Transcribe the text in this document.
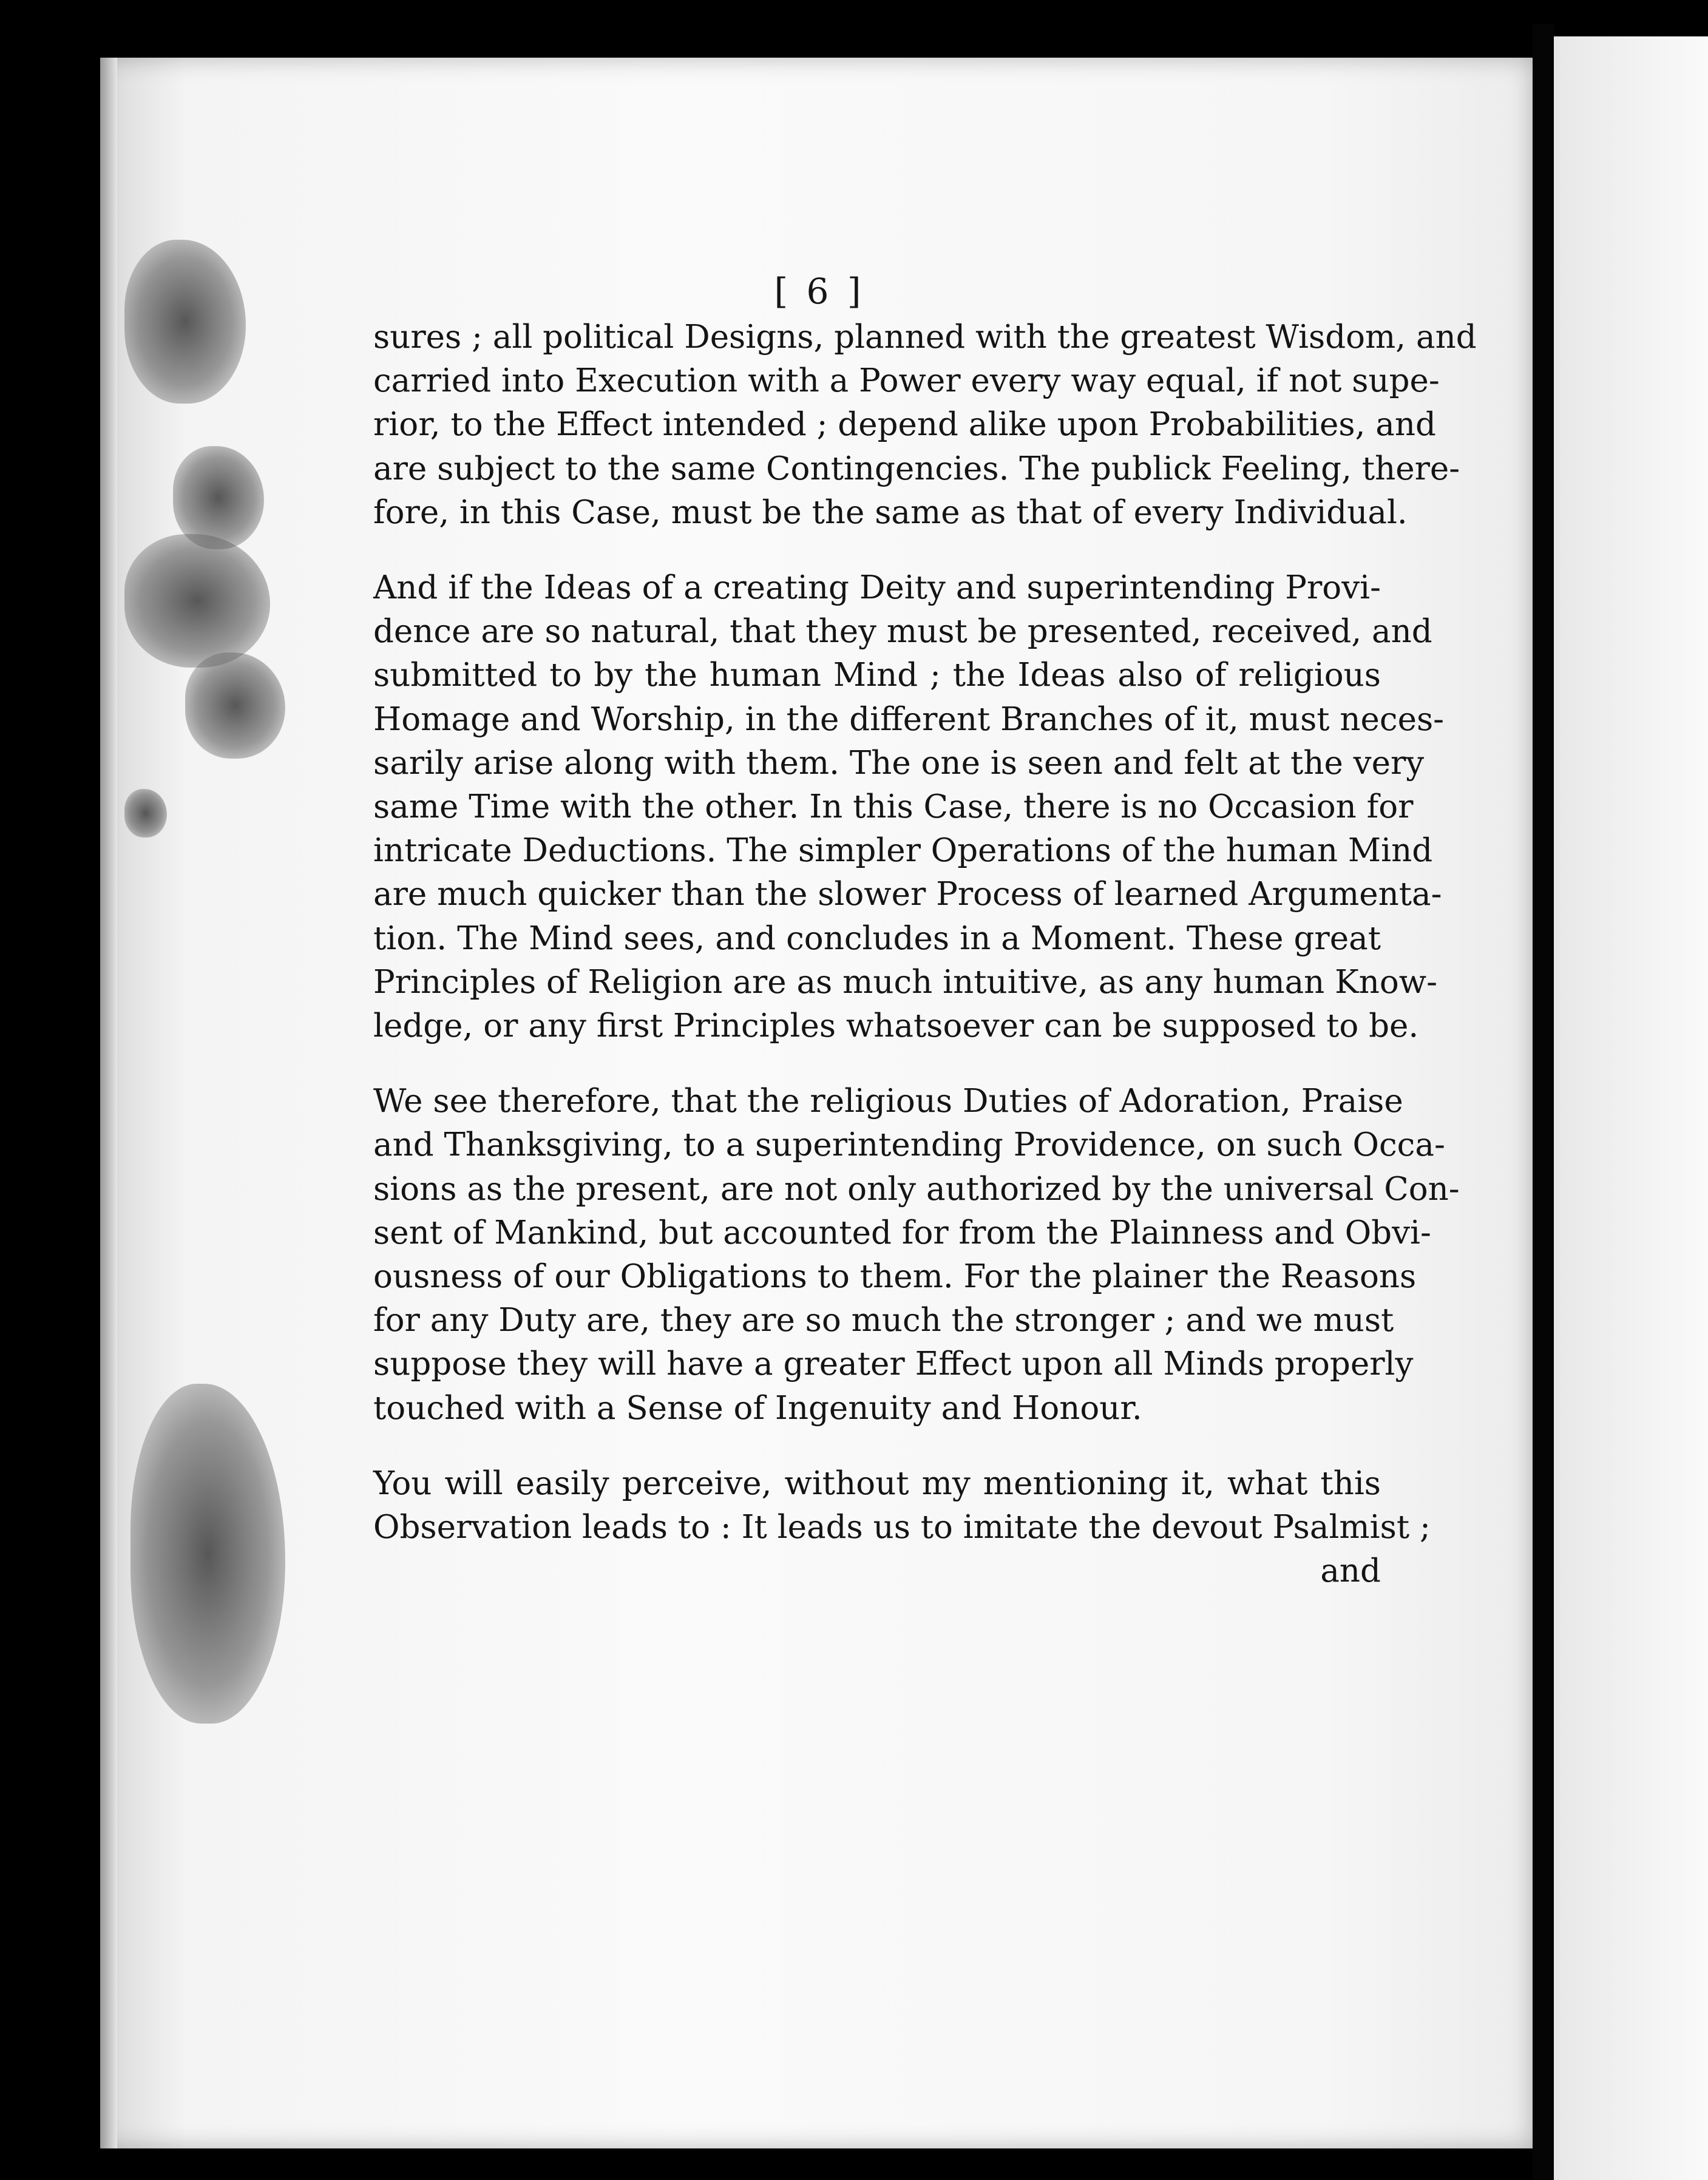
[ 6 ]
sures ; all political Designs, planned with the greatest Wisdom, and
carried into Execution with a Power every way equal, if not supe-
rior, to the Effect intended ; depend alike upon Probabilities, and
are subject to the same Contingencies. The publick Feeling, there-
fore, in this Case, must be the same as that of every Individual.
And if the Ideas of a creating Deity and superintending Provi-
dence are so natural, that they must be presented, received, and
submitted to by the human Mind ; the Ideas also of religious
Homage and Worship, in the different Branches of it, must neces-
sarily arise along with them. The one is seen and felt at the very
same Time with the other. In this Case, there is no Occasion for
intricate Deductions. The simpler Operations of the human Mind
are much quicker than the slower Process of learned Argumenta-
tion. The Mind sees, and concludes in a Moment. These great
Principles of Religion are as much intuitive, as any human Know-
ledge, or any first Principles whatsoever can be supposed to be.
We see therefore, that the religious Duties of Adoration, Praise
and Thanksgiving, to a superintending Providence, on such Occa-
sions as the present, are not only authorized by the universal Con-
sent of Mankind, but accounted for from the Plainness and Obvi-
ousness of our Obligations to them. For the plainer the Reasons
for any Duty are, they are so much the stronger ; and we must
suppose they will have a greater Effect upon all Minds properly
touched with a Sense of Ingenuity and Honour.
You will easily perceive, without my mentioning it, what this
Observation leads to : It leads us to imitate the devout Psalmist ;
and
